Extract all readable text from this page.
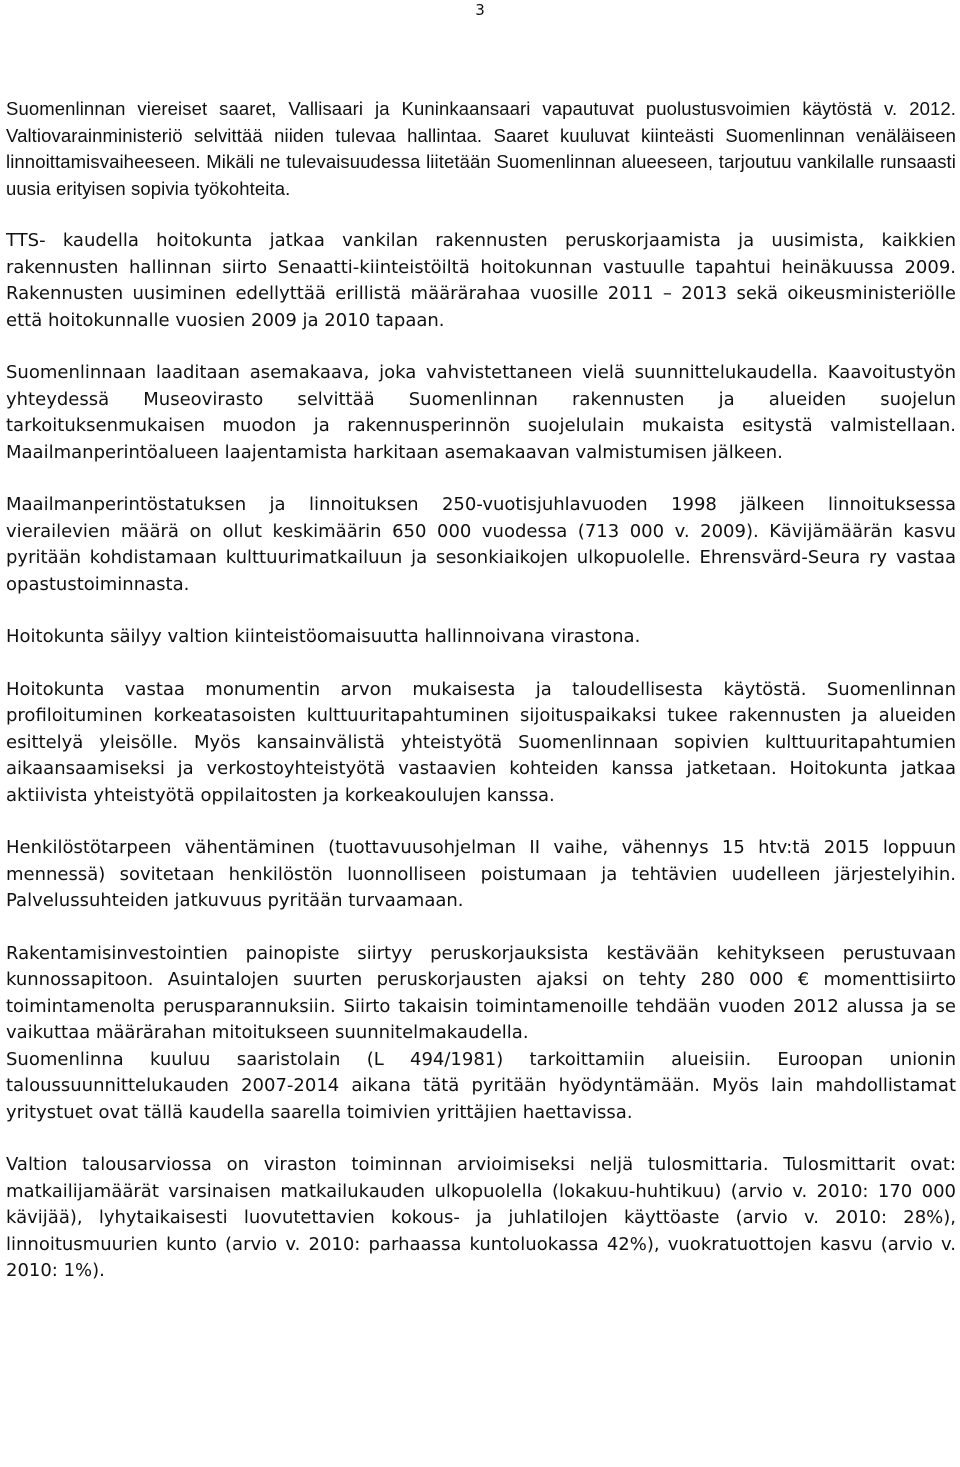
3

Suomenlinnan viereiset saaret, Vallisaari ja Kuninkaansaari vapautuvat puolustusvoimien käytöstä v. 2012. Valtiovarainministeriö selvittää niiden tulevaa hallintaa. Saaret kuuluvat kiinteästi Suomenlinnan venäläiseen linnoittamisvaiheeseen. Mikäli ne tulevaisuudessa liitetään Suomenlinnan alueeseen, tarjoutuu vankilalle runsaasti uusia erityisen sopivia työkohteita.

TTS- kaudella hoitokunta jatkaa vankilan rakennusten peruskorjaamista ja uusimista, kaikkien rakennusten hallinnan siirto Senaatti-kiinteistöiltä hoitokunnan vastuulle tapahtui heinäkuussa 2009. Rakennusten uusiminen edellyttää erillistä määrärahaa vuosille 2011 – 2013 sekä oikeusministeriölle että hoitokunnalle vuosien 2009 ja 2010 tapaan.

Suomenlinnaan laaditaan asemakaava, joka vahvistettaneen vielä suunnittelukaudella. Kaavoitustyön yhteydessä Museovirasto selvittää Suomenlinnan rakennusten ja alueiden suojelun tarkoituksenmukaisen muodon ja rakennusperinnön suojelulain mukaista esitystä valmistellaan. Maailmanperintöalueen laajentamista harkitaan asemakaavan valmistumisen jälkeen.

Maailmanperintöstatuksen ja linnoituksen 250-vuotisjuhlavuoden 1998 jälkeen linnoituksessa vierailevien määrä on ollut keskimäärin 650 000 vuodessa (713 000 v. 2009). Kävijämäärän kasvu pyritään kohdistamaan kulttuurimatkailuun ja sesonkiaikojen ulkopuolelle. Ehrensvärd-Seura ry vastaa opastustoiminnasta.

Hoitokunta säilyy valtion kiinteistöomaisuutta hallinnoivana virastona.

Hoitokunta vastaa monumentin arvon mukaisesta ja taloudellisesta käytöstä. Suomenlinnan profiloituminen korkeatasoisten kulttuuritapahtuminen sijoituspaikaksi tukee rakennusten ja alueiden esittelyä yleisölle. Myös kansainvälistä yhteistyötä Suomenlinnaan sopivien kulttuuritapahtumien aikaansaamiseksi ja verkostoyhteistyötä vastaavien kohteiden kanssa jatketaan. Hoitokunta jatkaa aktiivista yhteistyötä oppilaitosten ja korkeakoulujen kanssa.

Henkilöstötarpeen vähentäminen (tuottavuusohjelman II vaihe, vähennys 15 htv:tä 2015 loppuun mennessä) sovitetaan henkilöstön luonnolliseen poistumaan ja tehtävien uudelleen järjestelyihin. Palvelussuhteiden jatkuvuus pyritään turvaamaan.

Rakentamisinvestointien painopiste siirtyy peruskorjauksista kestävään kehitykseen perustuvaan kunnossapitoon. Asuintalojen suurten peruskorjausten ajaksi on tehty 280 000 € momenttisiirto toimintamenolta perusparannuksiin. Siirto takaisin toimintamenoille tehdään vuoden 2012 alussa ja se vaikuttaa määrärahan mitoitukseen suunnitelmakaudella.

Suomenlinna kuuluu saaristolain (L 494/1981) tarkoittamiin alueisiin. Euroopan unionin taloussuunnittelukauden 2007-2014 aikana tätä pyritään hyödyntämään. Myös lain mahdollistamat yritystuet ovat tällä kaudella saarella toimivien yrittäjien haettavissa.

Valtion talousarviossa on viraston toiminnan arvioimiseksi neljä tulosmittaria. Tulosmittarit ovat: matkailijamäärät varsinaisen matkailukauden ulkopuolella (lokakuu-huhtikuu) (arvio v. 2010: 170 000 kävijää), lyhytaikaisesti luovutettavien kokous- ja juhlatilojen käyttöaste (arvio v. 2010: 28%), linnoitusmuurien kunto (arvio v. 2010: parhaassa kuntoluokassa 42%), vuokratuottojen kasvu (arvio v. 2010: 1%).
